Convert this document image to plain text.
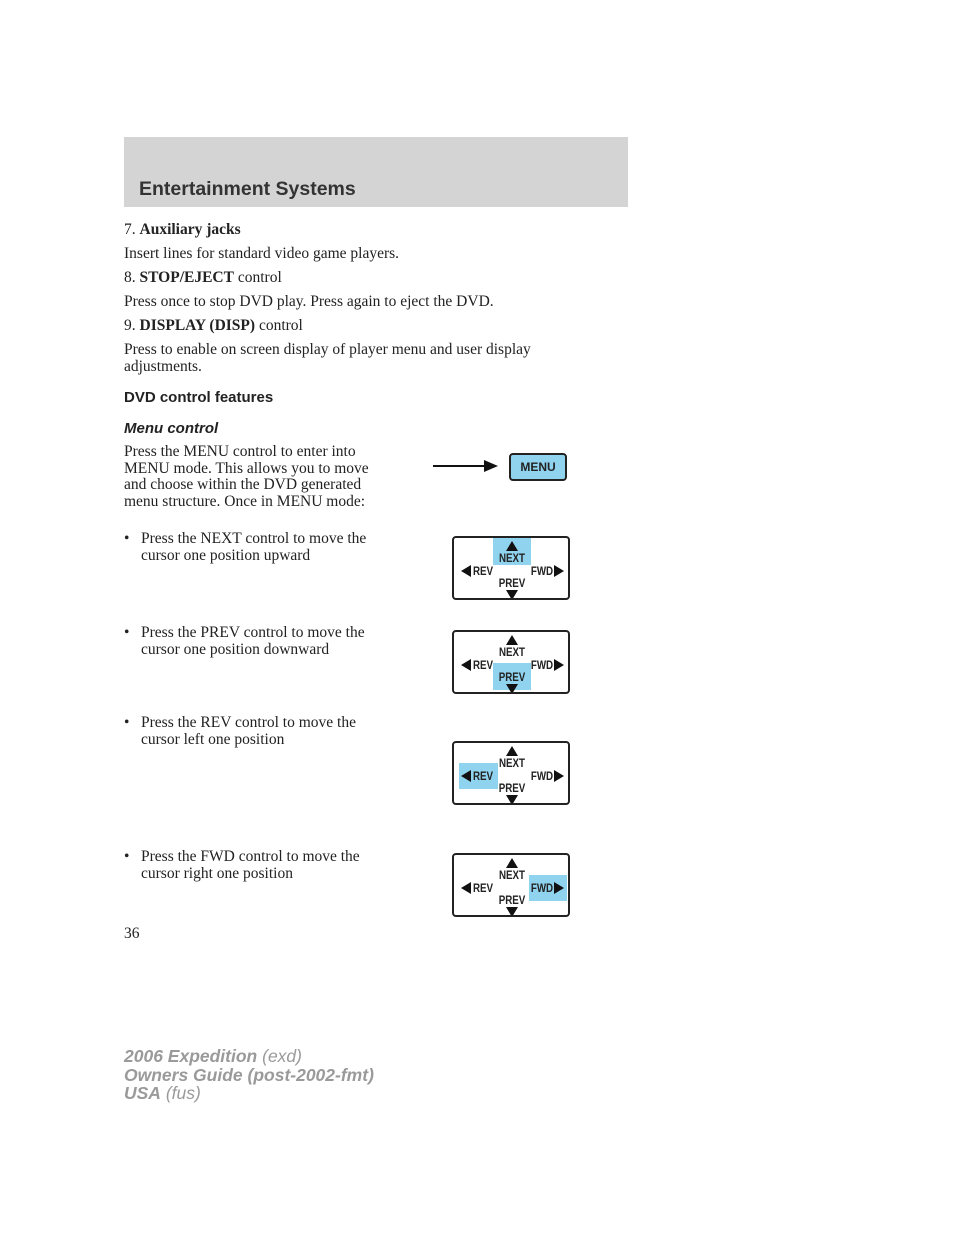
Entertainment Systems
7. Auxiliary jacks
Insert lines for standard video game players.
8. STOP/EJECT control
Press once to stop DVD play. Press again to eject the DVD.
9. DISPLAY (DISP) control
Press to enable on screen display of player menu and user display adjustments.
DVD control features
Menu control
Press the MENU control to enter into MENU mode. This allows you to move and choose within the DVD generated menu structure. Once in MENU mode:
MENU
• Press the NEXT control to move the cursor one position upward
• Press the PREV control to move the cursor one position downward
• Press the REV control to move the cursor left one position
• Press the FWD control to move the cursor right one position
NEXT
PREV
REV	FWD
NEXT
PREV
REV	FWD
NEXT
PREV
REV	FWD
NEXT
PREV
REV	FWD
36
2006 Expedition (exd)
Owners Guide (post-2002-fmt)
USA (fus)
